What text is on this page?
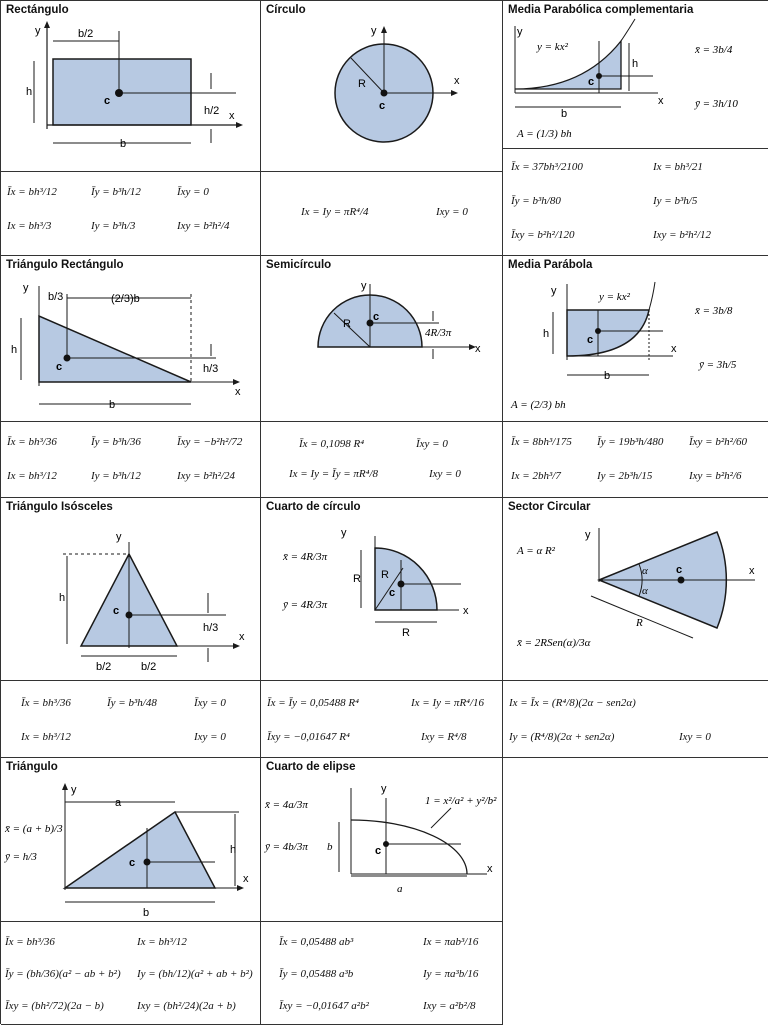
Rectángulo
y
x
c
b/2
h
h/2
b
Īx = bh³/12	Īy = b³h/12	Īxy = 0
Ix = bh³/3	Iy = b³h/3	Ixy = b²h²/4
Círculo
y
x
R
c
Ix = Iy = πR⁴/4	Ixy = 0
Media Parabólica complementaria
y
x
y = kx²
c
h
b
A = (1/3) bh
x̄ = 3b/4
ȳ = 3h/10
Īx = 37bh³/2100	Ix = bh³/21
Īy = b³h/80	Iy = b³h/5
Īxy = b²h²/120	Ixy = b²h²/12
Triángulo Rectángulo
y
x
c
b/3	(2/3)b
h
h/3
b
Īx = bh³/36	Īy = b³h/36	Īxy = −b²h²/72
Ix = bh³/12	Iy = b³h/12	Ixy = b²h²/24
Semicírculo
y
x
R
c
4R/3π
Īx = 0,1098 R⁴	Īxy = 0
Ix = Iy = Īy = πR⁴/8	Ixy = 0
Media Parábola
y
x
y = kx²
c
h
b
A = (2/3) bh
x̄ = 3b/8
ȳ = 3h/5
Īx = 8bh³/175 Īy = 19b³h/480 Īxy = b²h²/60
Ix = 2bh³/7	Iy = 2b³h/15	Ixy = b²h²/6
Triángulo Isósceles
y
x
c
h
h/3
b/2	b/2
Īx = bh³/36	Īy = b³h/48	Īxy = 0
Ix = bh³/12	Ixy = 0
Cuarto de círculo
y
x
c
R
R
R
x̄ = 4R/3π
ȳ = 4R/3π
Īx = Īy = 0,05488 R⁴	Ix = Iy = πR⁴/16
Īxy = −0,01647 R⁴	Ixy = R⁴/8
Sector Circular
y
x
c
α
α
R
A = α R²
x̄ = 2RSen(α)/3α
Ix = Īx = (R⁴/8)(2α − sen2α)
Iy = (R⁴/8)(2α + sen2α)	Ixy = 0
Triángulo
y
x
a
h
c
b
x̄ = (a + b)/3
ȳ = h/3
Īx = bh³/36	Ix = bh³/12
Īy = (bh/36)(a² − ab + b²) Iy = (bh/12)(a² + ab + b²)
Īxy = (bh²/72)(2a − b)	Ixy = (bh²/24)(2a + b)
Cuarto de elipse
y
x
c
b
a
1 = x²/a² + y²/b²
x̄ = 4a/3π
ȳ = 4b/3π
Īx = 0,05488 ab³	Ix = πab³/16
Īy = 0,05488 a³b	Iy = πa³b/16
Īxy = −0,01647 a²b²	Ixy = a²b²/8
